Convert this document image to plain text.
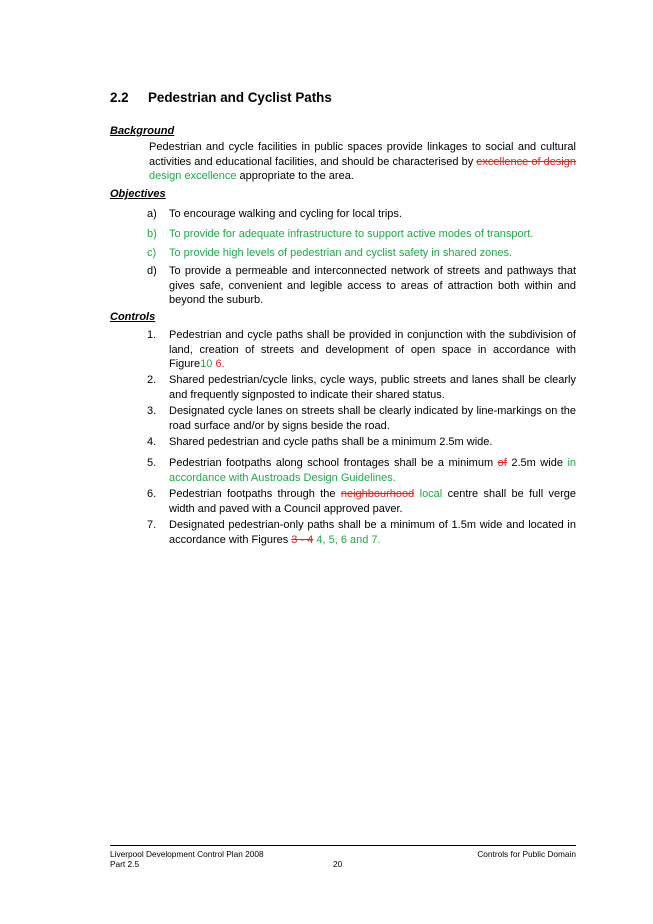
2.2 Pedestrian and Cyclist Paths
Background
Pedestrian and cycle facilities in public spaces provide linkages to social and cultural activities and educational facilities, and should be characterised by excellence of design design excellence appropriate to the area.
Objectives
a) To encourage walking and cycling for local trips.
b) To provide for adequate infrastructure to support active modes of transport.
c) To provide high levels of pedestrian and cyclist safety in shared zones.
d) To provide a permeable and interconnected network of streets and pathways that gives safe, convenient and legible access to areas of attraction both within and beyond the suburb.
Controls
1. Pedestrian and cycle paths shall be provided in conjunction with the subdivision of land, creation of streets and development of open space in accordance with Figure10 6.
2. Shared pedestrian/cycle links, cycle ways, public streets and lanes shall be clearly and frequently signposted to indicate their shared status.
3. Designated cycle lanes on streets shall be clearly indicated by line-markings on the road surface and/or by signs beside the road.
4. Shared pedestrian and cycle paths shall be a minimum 2.5m wide.
5. Pedestrian footpaths along school frontages shall be a minimum of 2.5m wide in accordance with Austroads Design Guidelines.
6. Pedestrian footpaths through the neighbourhood local centre shall be full verge width and paved with a Council approved paver.
7. Designated pedestrian-only paths shall be a minimum of 1.5m wide and located in accordance with Figures 3 - 4 4, 5, 6 and 7.
Liverpool Development Control Plan 2008
Part 2.5	20
Controls for Public Domain
